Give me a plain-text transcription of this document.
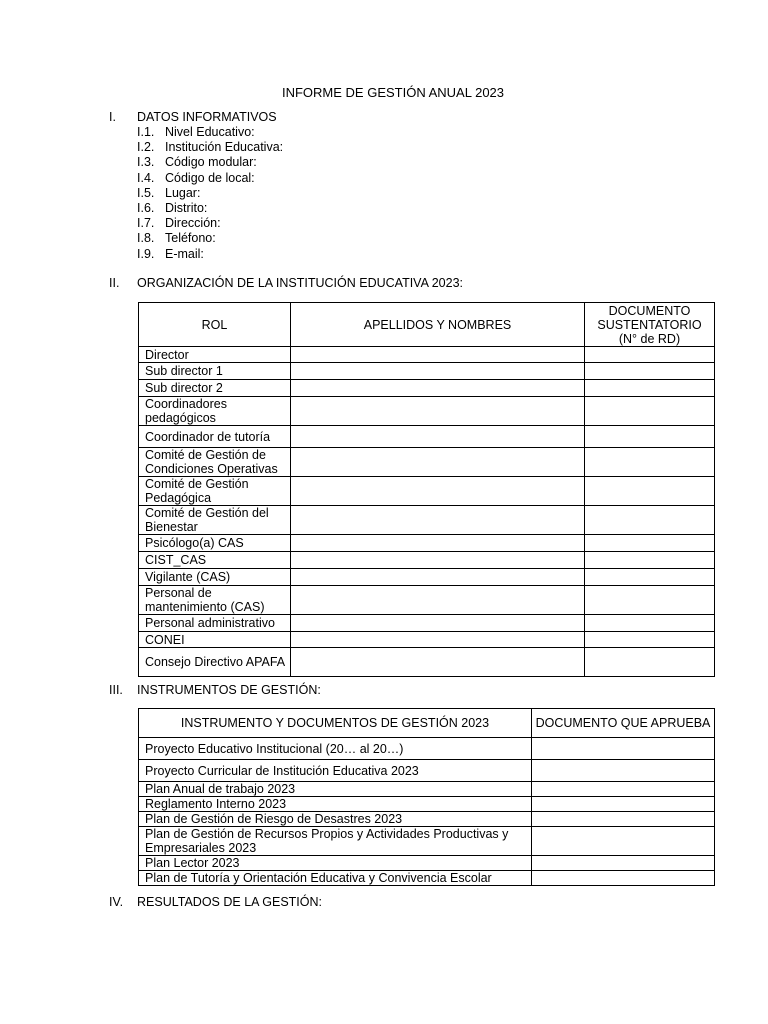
INFORME DE GESTIÓN ANUAL 2023
I. DATOS INFORMATIVOS
I.1. Nivel Educativo:
I.2. Institución Educativa:
I.3. Código modular:
I.4. Código de local:
I.5. Lugar:
I.6. Distrito:
I.7. Dirección:
I.8. Teléfono:
I.9. E-mail:
II. ORGANIZACIÓN DE LA INSTITUCIÓN EDUCATIVA 2023:
ROL	APELLIDOS Y NOMBRES	DOCUMENTO SUSTENTATORIO (N° de RD)
Director		
Sub director 1		
Sub director 2		
Coordinadores pedagógicos		
Coordinador de tutoría		
Comité de Gestión de Condiciones Operativas		
Comité de Gestión Pedagógica		
Comité de Gestión del Bienestar		
Psicólogo(a) CAS		
CIST_CAS		
Vigilante (CAS)		
Personal de mantenimiento (CAS)		
Personal administrativo		
CONEI		
Consejo Directivo APAFA		
III. INSTRUMENTOS DE GESTIÓN:
INSTRUMENTO Y DOCUMENTOS DE GESTIÓN 2023	DOCUMENTO QUE APRUEBA
Proyecto Educativo Institucional (20… al 20…)	
Proyecto Curricular de Institución Educativa 2023	
Plan Anual de trabajo 2023	
Reglamento Interno 2023	
Plan de Gestión de Riesgo de Desastres 2023	
Plan de Gestión de Recursos Propios y Actividades Productivas y Empresariales 2023	
Plan Lector 2023	
Plan de Tutoría y Orientación Educativa y Convivencia Escolar	
IV. RESULTADOS DE LA GESTIÓN:
